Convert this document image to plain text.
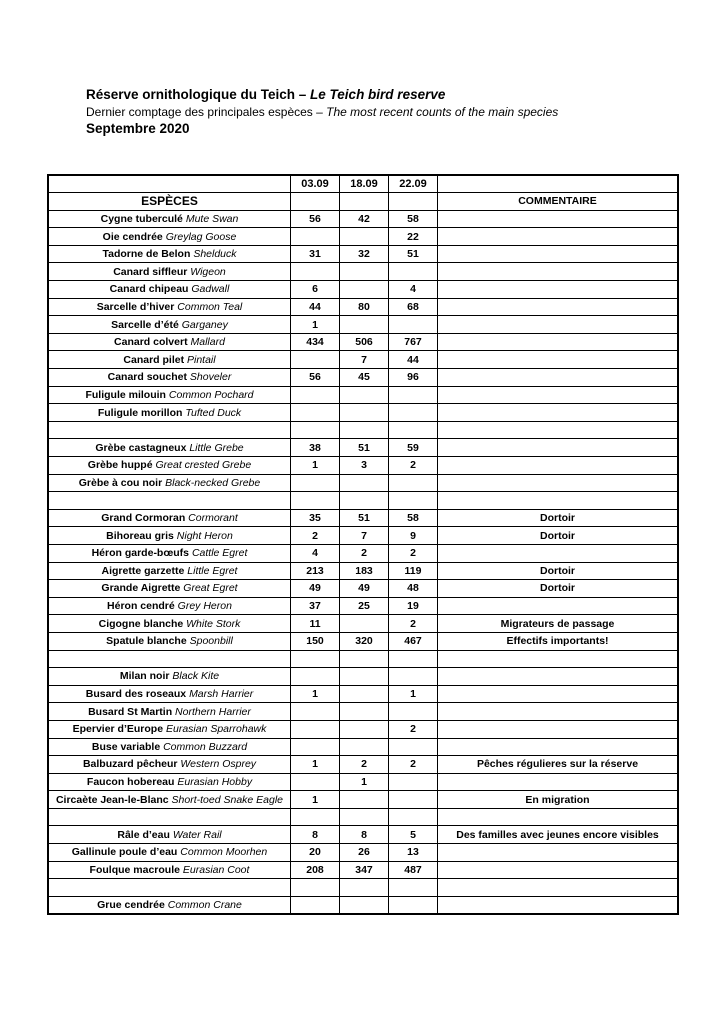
Réserve ornithologique du Teich – Le Teich bird reserve
Dernier comptage des principales espèces – The most recent counts of the main species
Septembre 2020
	03.09	18.09	22.09	
ESPÈCES				COMMENTAIRE
Cygne tuberculé Mute Swan	56	42	58	
Oie cendrée Greylag Goose			22	
Tadorne de Belon Shelduck	31	32	51	
Canard siffleur Wigeon				
Canard chipeau Gadwall	6		4	
Sarcelle d’hiver Common Teal	44	80	68	
Sarcelle d’été Garganey	1			
Canard colvert Mallard	434	506	767	
Canard pilet Pintail		7	44	
Canard souchet Shoveler	56	45	96	
Fuligule milouin Common Pochard				
Fuligule morillon Tufted Duck				

Grèbe castagneux Little Grebe	38	51	59	
Grèbe huppé Great crested Grebe	1	3	2	
Grèbe à cou noir Black-necked Grebe				

Grand Cormoran Cormorant	35	51	58	Dortoir
Bihoreau gris Night Heron	2	7	9	Dortoir
Héron garde-bœufs Cattle Egret	4	2	2	
Aigrette garzette Little Egret	213	183	119	Dortoir
Grande Aigrette Great Egret	49	49	48	Dortoir
Héron cendré Grey Heron	37	25	19	
Cigogne blanche White Stork	11		2	Migrateurs de passage
Spatule blanche Spoonbill	150	320	467	Effectifs importants!

Milan noir Black Kite				
Busard des roseaux Marsh Harrier	1		1	
Busard St Martin Northern Harrier				
Epervier d’Europe Eurasian Sparrohawk			2	
Buse variable Common Buzzard				
Balbuzard pêcheur Western Osprey	1	2	2	Pêches régulieres sur la réserve
Faucon hobereau Eurasian Hobby		1		
Circaète Jean-le-Blanc Short-toed Snake Eagle	1			En migration

Râle d’eau Water Rail	8	8	5	Des familles avec jeunes encore visibles
Gallinule poule d’eau Common Moorhen	20	26	13	
Foulque macroule Eurasian Coot	208	347	487	

Grue cendrée Common Crane				
